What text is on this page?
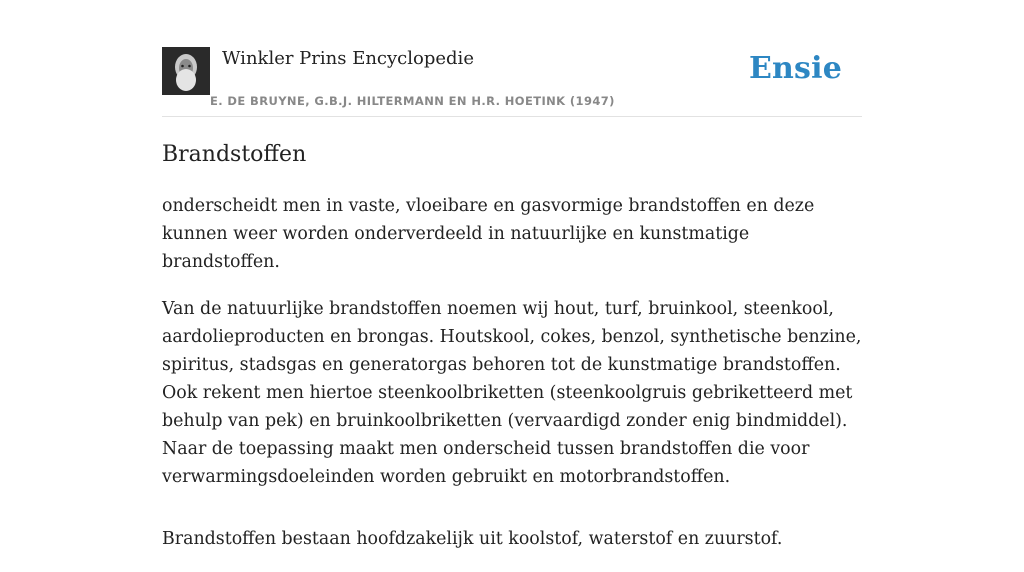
Winkler Prins Encyclopedie	Ensie
E. DE BRUYNE, G.B.J. HILTERMANN EN H.R. HOETINK (1947)
Brandstoffen

onderscheidt men in vaste, vloeibare en gasvormige brandstoffen en deze kunnen weer worden onderverdeeld in natuurlijke en kunstmatige brandstoffen.

Van de natuurlijke brandstoffen noemen wij hout, turf, bruinkool, steenkool, aardolieproducten en brongas. Houtskool, cokes, benzol, synthetische benzine, spiritus, stadsgas en generatorgas behoren tot de kunstmatige brandstoffen. Ook rekent men hiertoe steenkoolbriketten (steenkoolgruis gebriketteerd met behulp van pek) en bruinkoolbriketten (vervaardigd zonder enig bindmiddel). Naar de toepassing maakt men onderscheid tussen brandstoffen die voor verwarmingsdoeleinden worden gebruikt en motorbrandstoffen.

Brandstoffen bestaan hoofdzakelijk uit koolstof, waterstof en zuurstof.
